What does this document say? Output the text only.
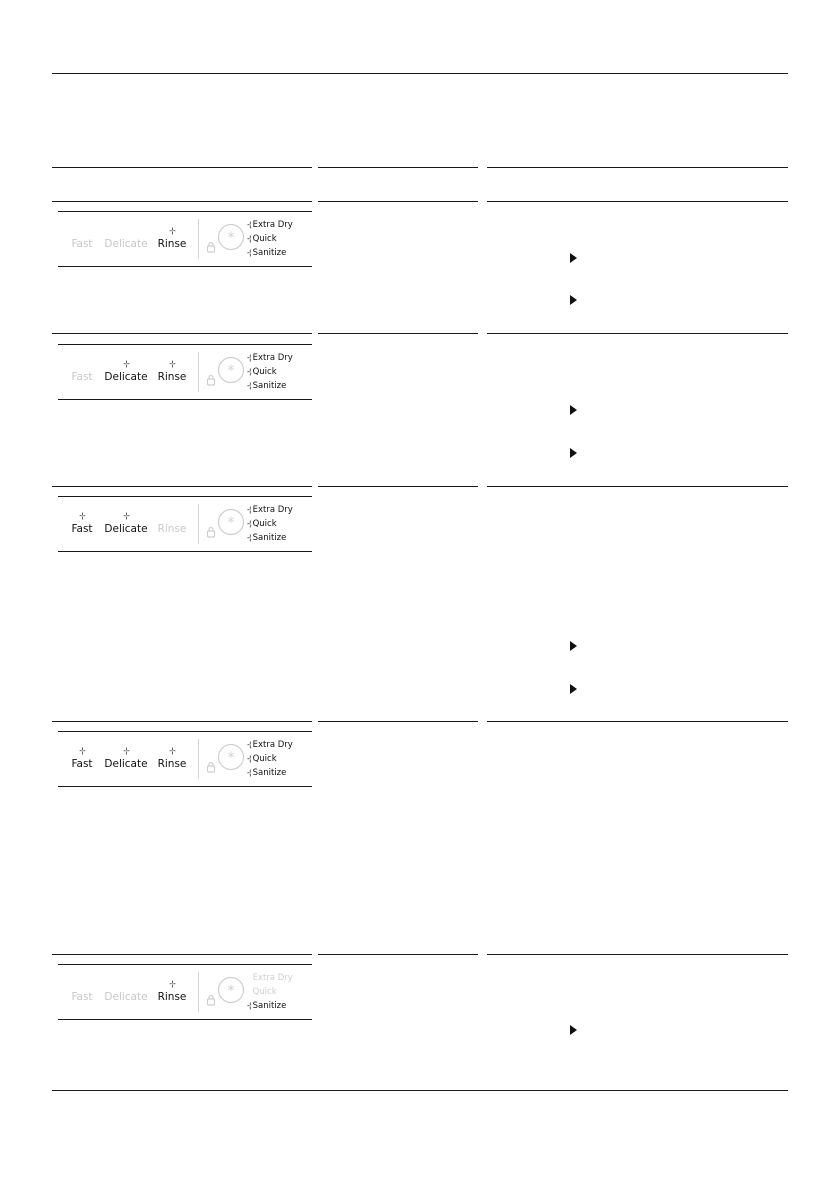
Fast	Delicate
-¦-
Rinse	*
-¦ Extra Dry
-¦ Quick
-¦ Sanitize
Fast
-¦-
Delicate
-¦-
Rinse	*
-¦ Extra Dry
-¦ Quick
-¦ Sanitize
-¦-
Fast
-¦-
Delicate Rinse	*
-¦ Extra Dry
-¦ Quick
-¦ Sanitize
-¦-
Fast
-¦-
Delicate
-¦-
Rinse	*
-¦ Extra Dry
-¦ Quick
-¦ Sanitize
Fast	Delicate
-¦-
Rinse	*
Extra Dry
Quick
-¦ Sanitize
